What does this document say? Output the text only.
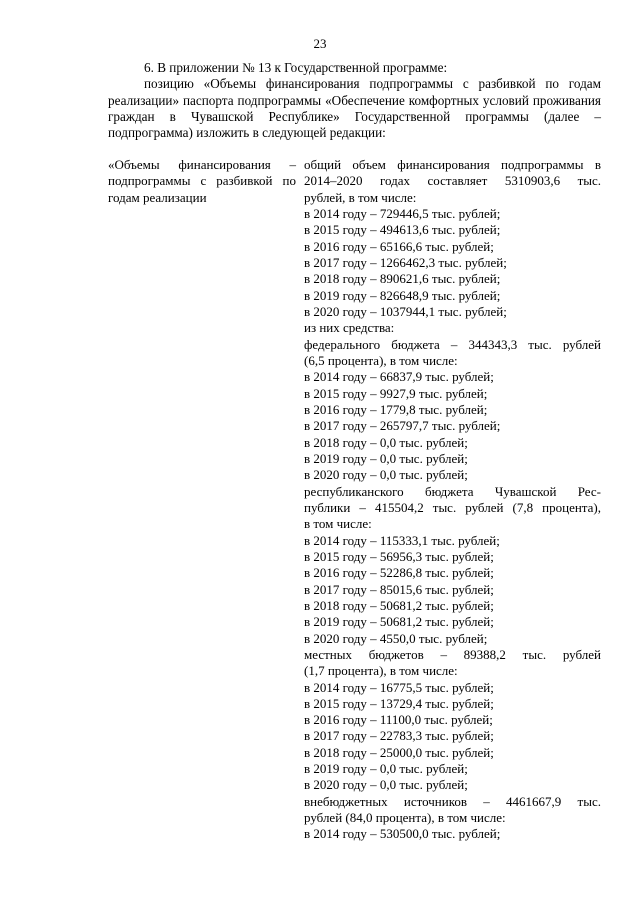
23

6. В приложении № 13 к Государственной программе:

позицию «Объемы финансирования подпрограммы с разбивкой по годам реализации» паспорта подпрограммы «Обеспечение комфортных условий проживания граждан в Чувашской Республике» Государственной программы (далее – подпрограмма) изложить в следующей редакции:

«Объемы финансирования – подпрограммы с разбивкой по годам реализации

общий объем финансирования подпрограммы в
2014–2020 годах составляет 5310903,6 тыс.
рублей, в том числе:
в 2014 году – 729446,5 тыс. рублей;
в 2015 году – 494613,6 тыс. рублей;
в 2016 году – 65166,6 тыс. рублей;
в 2017 году – 1266462,3 тыс. рублей;
в 2018 году – 890621,6 тыс. рублей;
в 2019 году – 826648,9 тыс. рублей;
в 2020 году – 1037944,1 тыс. рублей;
из них средства:
федерального бюджета – 344343,3 тыс. рублей
(6,5 процента), в том числе:
в 2014 году – 66837,9 тыс. рублей;
в 2015 году – 9927,9 тыс. рублей;
в 2016 году – 1779,8 тыс. рублей;
в 2017 году – 265797,7 тыс. рублей;
в 2018 году – 0,0 тыс. рублей;
в 2019 году – 0,0 тыс. рублей;
в 2020 году – 0,0 тыс. рублей;
республиканского бюджета Чувашской Рес-
публики – 415504,2 тыс. рублей (7,8 процента),
в том числе:
в 2014 году – 115333,1 тыс. рублей;
в 2015 году – 56956,3 тыс. рублей;
в 2016 году – 52286,8 тыс. рублей;
в 2017 году – 85015,6 тыс. рублей;
в 2018 году – 50681,2 тыс. рублей;
в 2019 году – 50681,2 тыс. рублей;
в 2020 году – 4550,0 тыс. рублей;
местных бюджетов – 89388,2 тыс. рублей
(1,7 процента), в том числе:
в 2014 году – 16775,5 тыс. рублей;
в 2015 году – 13729,4 тыс. рублей;
в 2016 году – 11100,0 тыс. рублей;
в 2017 году – 22783,3 тыс. рублей;
в 2018 году – 25000,0 тыс. рублей;
в 2019 году – 0,0 тыс. рублей;
в 2020 году – 0,0 тыс. рублей;
внебюджетных источников – 4461667,9 тыс.
рублей (84,0 процента), в том числе:
в 2014 году – 530500,0 тыс. рублей;
